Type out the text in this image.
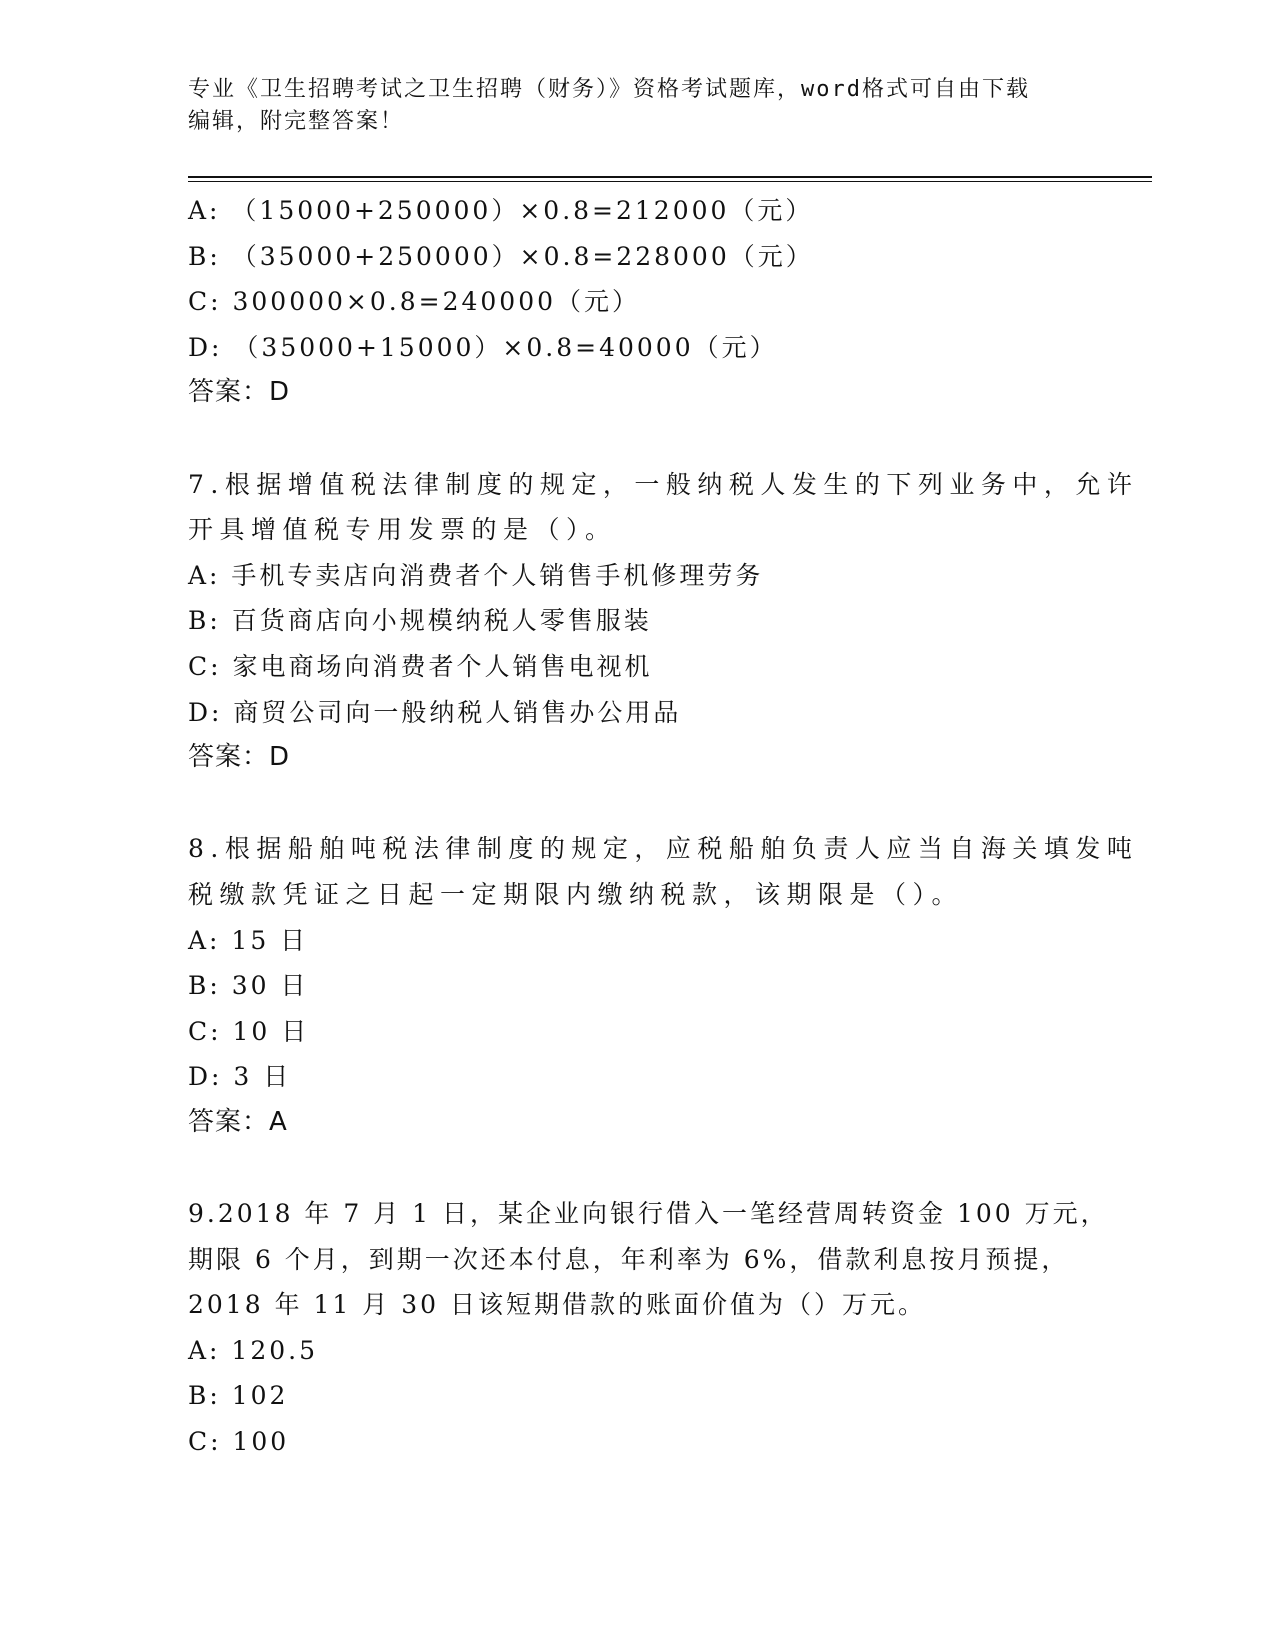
专业《卫生招聘考试之卫生招聘（财务）》资格考试题库，word格式可自由下载
编辑，附完整答案！
A: （15000+250000）×0.8=212000（元）
B: （35000+250000）×0.8=228000（元）
C: 300000×0.8=240000（元）
D: （35000+15000）×0.8=40000（元）
答案：D
7.根据增值税法律制度的规定，一般纳税人发生的下列业务中，允许
开具增值税专用发票的是（）。
A: 手机专卖店向消费者个人销售手机修理劳务
B: 百货商店向小规模纳税人零售服装
C: 家电商场向消费者个人销售电视机
D: 商贸公司向一般纳税人销售办公用品
答案：D
8.根据船舶吨税法律制度的规定，应税船舶负责人应当自海关填发吨
税缴款凭证之日起一定期限内缴纳税款，该期限是（）。
A: 15 日
B: 30 日
C: 10 日
D: 3 日
答案：A
9.2018 年 7 月 1 日，某企业向银行借入一笔经营周转资金 100 万元，
期限 6 个月，到期一次还本付息，年利率为 6%，借款利息按月预提，
2018 年 11 月 30 日该短期借款的账面价值为（）万元。
A: 120.5
B: 102
C: 100
